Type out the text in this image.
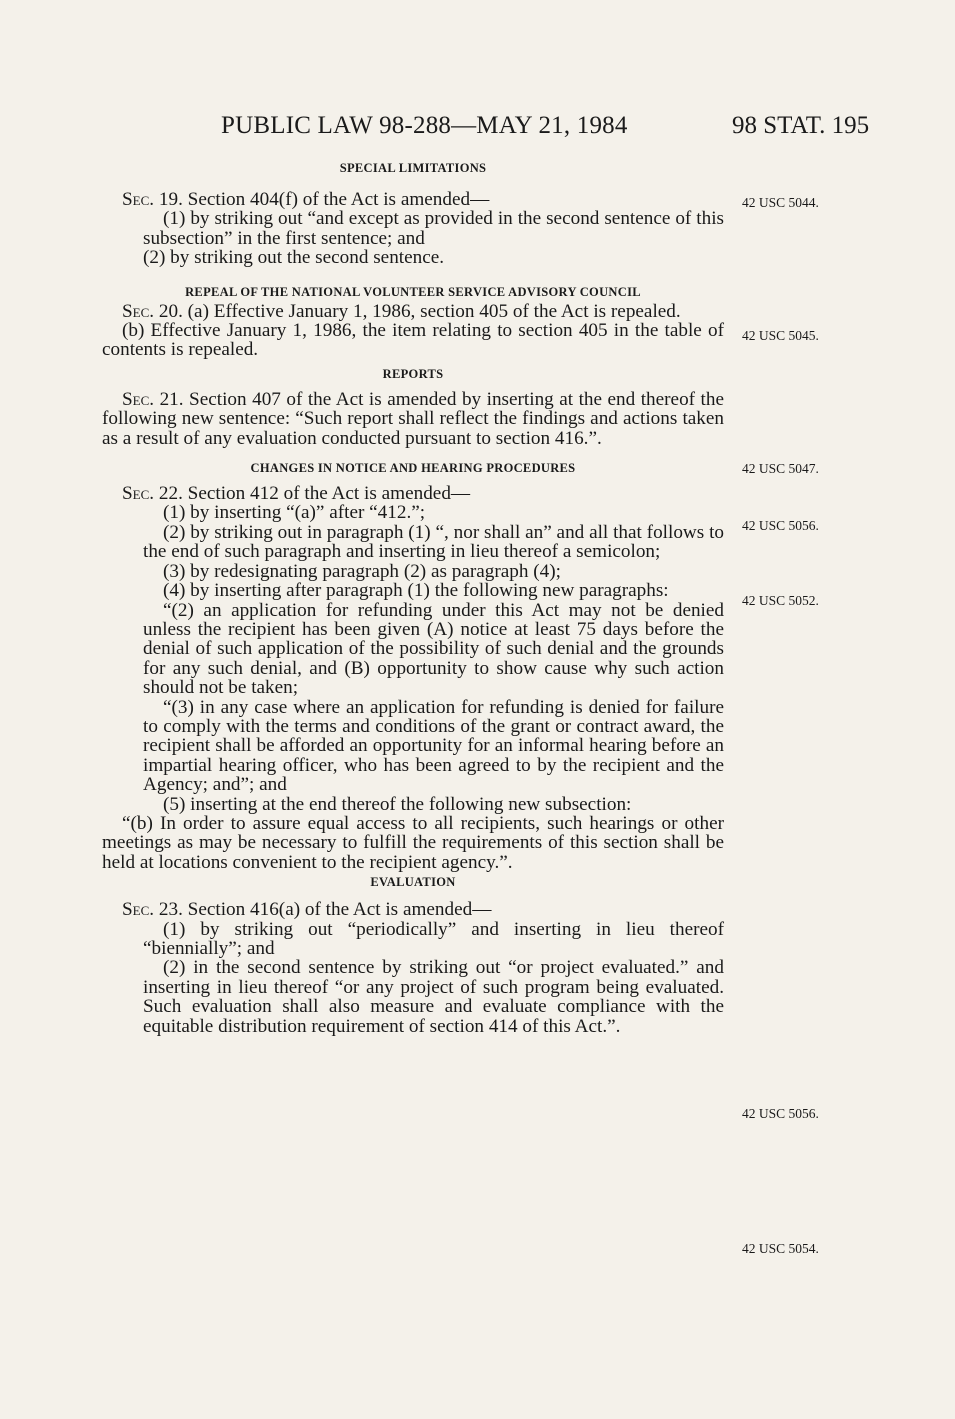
PUBLIC LAW 98-288—MAY 21, 1984	98 STAT. 195
SPECIAL LIMITATIONS

Sec. 19. Section 404(f) of the Act is amended—

(1) by striking out “and except as provided in the second sentence of this subsection” in the first sentence; and

(2) by striking out the second sentence.

REPEAL OF THE NATIONAL VOLUNTEER SERVICE ADVISORY COUNCIL

Sec. 20. (a) Effective January 1, 1986, section 405 of the Act is repealed.

(b) Effective January 1, 1986, the item relating to section 405 in the table of contents is repealed.

REPORTS

Sec. 21. Section 407 of the Act is amended by inserting at the end thereof the following new sentence: “Such report shall reflect the findings and actions taken as a result of any evaluation conducted pursuant to section 416.”.

CHANGES IN NOTICE AND HEARING PROCEDURES

Sec. 22. Section 412 of the Act is amended—

(1) by inserting “(a)” after “412.”;

(2) by striking out in paragraph (1) “, nor shall an” and all that follows to the end of such paragraph and inserting in lieu thereof a semicolon;

(3) by redesignating paragraph (2) as paragraph (4);

(4) by inserting after paragraph (1) the following new paragraphs:

“(2) an application for refunding under this Act may not be denied unless the recipient has been given (A) notice at least 75 days before the denial of such application of the possibility of such denial and the grounds for any such denial, and (B) opportunity to show cause why such action should not be taken;

“(3) in any case where an application for refunding is denied for failure to comply with the terms and conditions of the grant or contract award, the recipient shall be afforded an opportunity for an informal hearing before an impartial hearing officer, who has been agreed to by the recipient and the Agency; and”; and

(5) inserting at the end thereof the following new subsection:

“(b) In order to assure equal access to all recipients, such hearings or other meetings as may be necessary to fulfill the requirements of this section shall be held at locations convenient to the recipient agency.”.

EVALUATION

Sec. 23. Section 416(a) of the Act is amended—

(1) by striking out “periodically” and inserting in lieu thereof “biennially”; and

(2) in the second sentence by striking out “or project evaluated.” and inserting in lieu thereof “or any project of such program being evaluated. Such evaluation shall also measure and evaluate compliance with the equitable distribution requirement of section 414 of this Act.”.

42 USC 5044.
42 USC 5045.
42 USC 5047.
42 USC 5056.
42 USC 5052.
42 USC 5056.
42 USC 5054.
